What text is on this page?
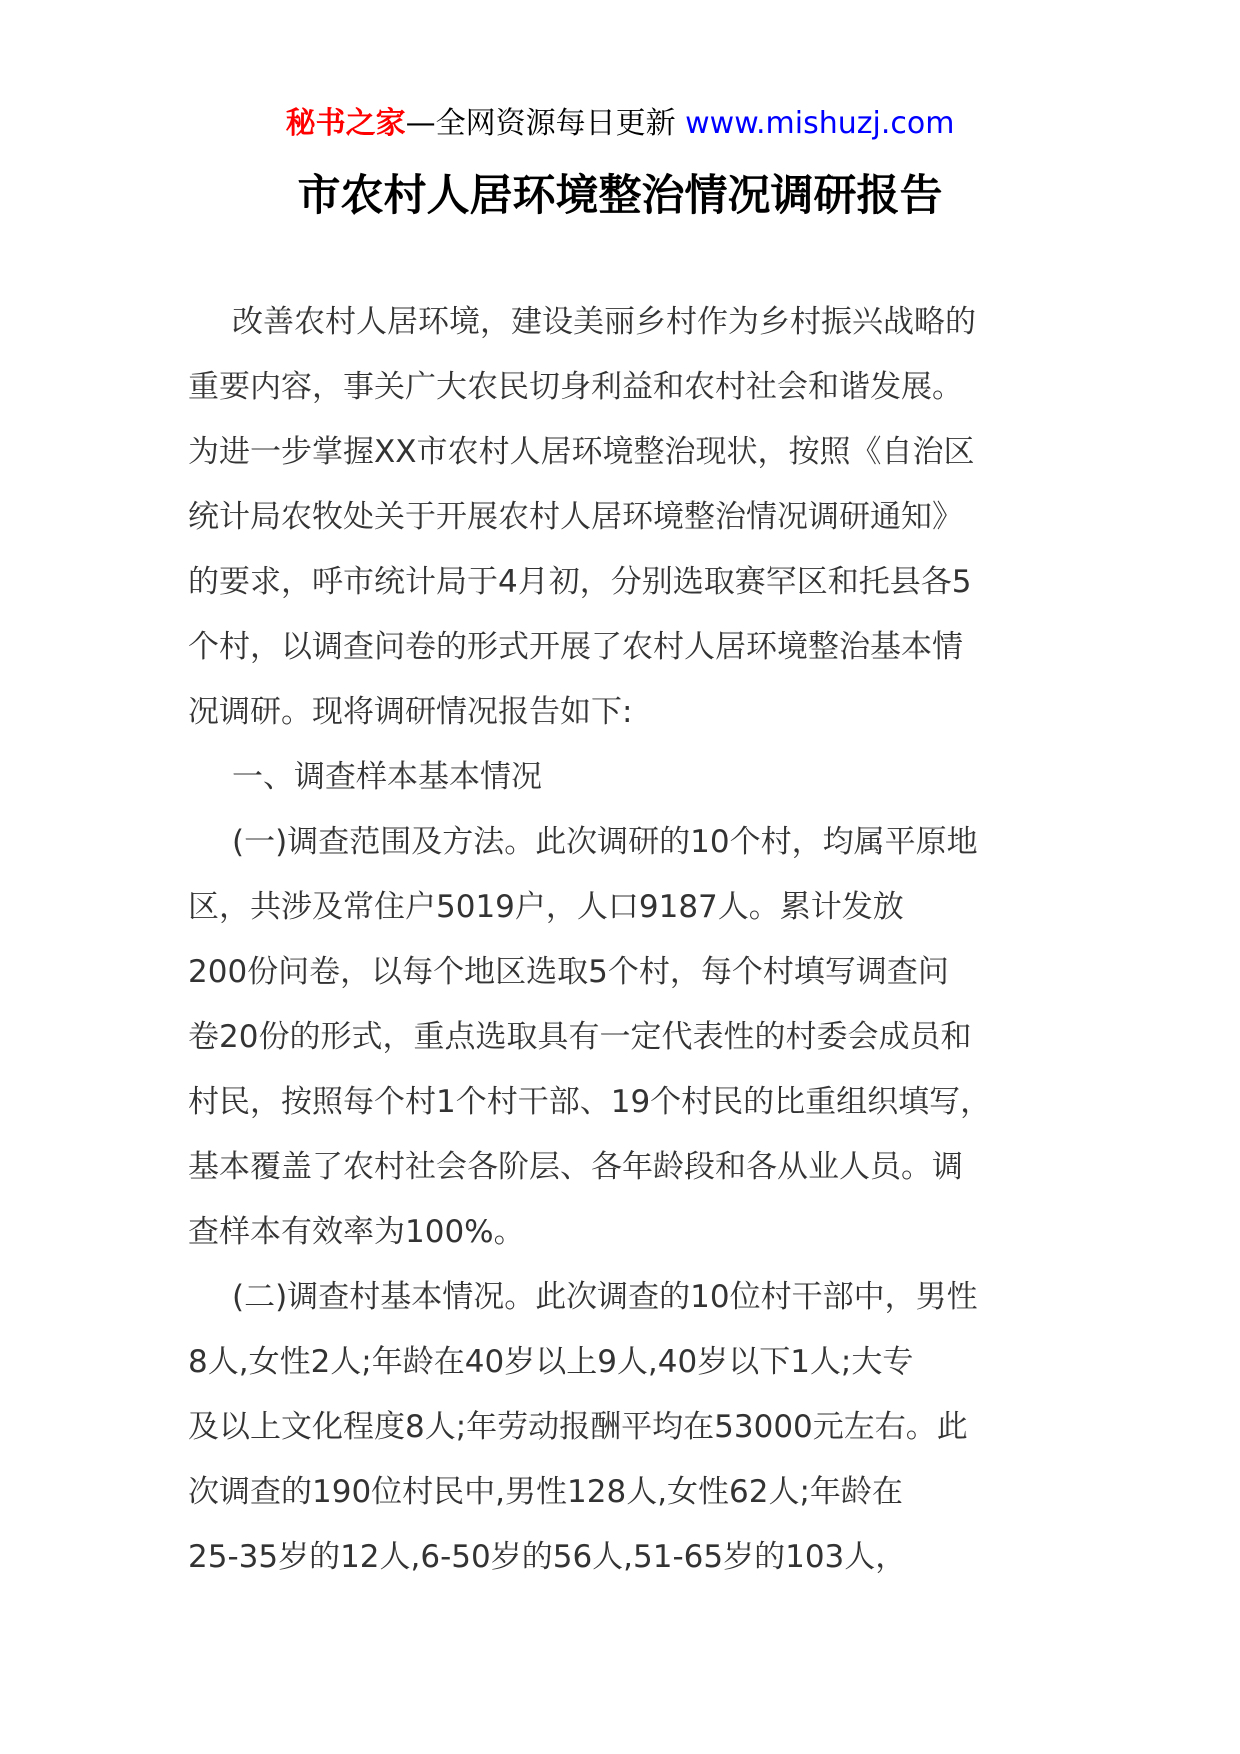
秘书之家—全网资源每日更新 www.mishuzj.com
市农村人居环境整治情况调研报告
改善农村人居环境，建设美丽乡村作为乡村振兴战略的
重要内容，事关广大农民切身利益和农村社会和谐发展。
为进一步掌握XX市农村人居环境整治现状，按照《自治区
统计局农牧处关于开展农村人居环境整治情况调研通知》
的要求，呼市统计局于4月初，分别选取赛罕区和托县各5
个村，以调查问卷的形式开展了农村人居环境整治基本情
况调研。现将调研情况报告如下:
一、调查样本基本情况
(一)调查范围及方法。此次调研的10个村，均属平原地
区，共涉及常住户5019户，人口9187人。累计发放
200份问卷，以每个地区选取5个村，每个村填写调查问
卷20份的形式，重点选取具有一定代表性的村委会成员和
村民，按照每个村1个村干部、19个村民的比重组织填写，
基本覆盖了农村社会各阶层、各年龄段和各从业人员。调
查样本有效率为100%。
(二)调查村基本情况。此次调查的10位村干部中，男性
8人,女性2人;年龄在40岁以上9人,40岁以下1人;大专
及以上文化程度8人;年劳动报酬平均在53000元左右。此
次调查的190位村民中,男性128人,女性62人;年龄在
25-35岁的12人,6-50岁的56人,51-65岁的103人，
